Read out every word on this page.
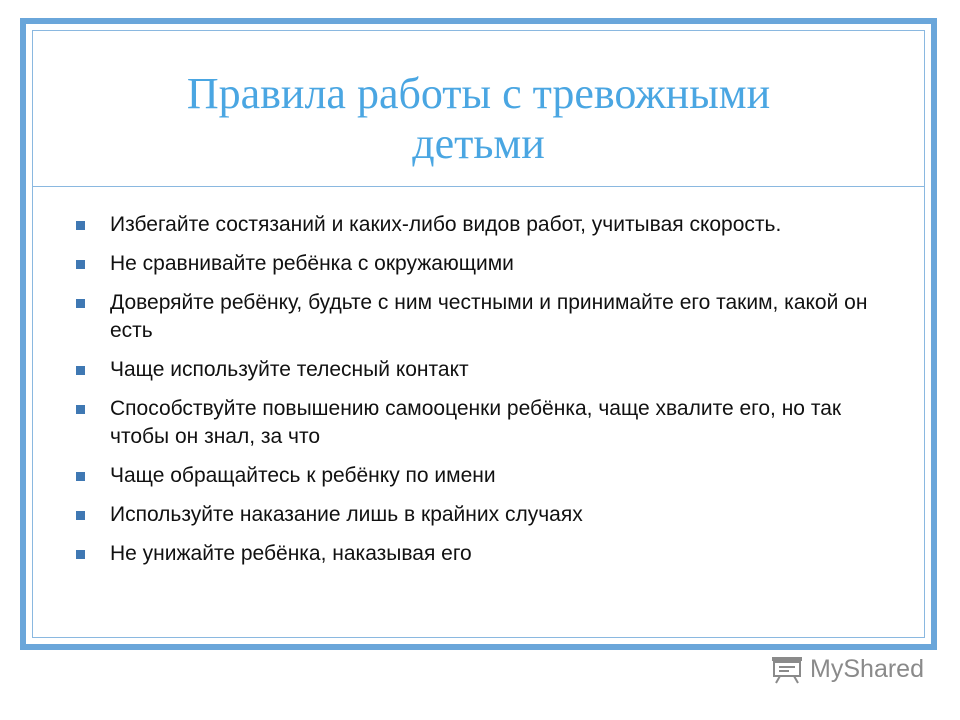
Правила работы с тревожными
детьми
Избегайте состязаний и каких-либо видов работ, учитывая скорость.
Не сравнивайте ребёнка с окружающими
Доверяйте ребёнку, будьте с ним честными и принимайте его таким, какой он есть
Чаще используйте телесный контакт
Способствуйте повышению самооценки ребёнка, чаще хвалите его, но так чтобы он знал, за что
Чаще обращайтесь к ребёнку по имени
Используйте наказание лишь в крайних случаях
Не унижайте ребёнка, наказывая его
MyShared
